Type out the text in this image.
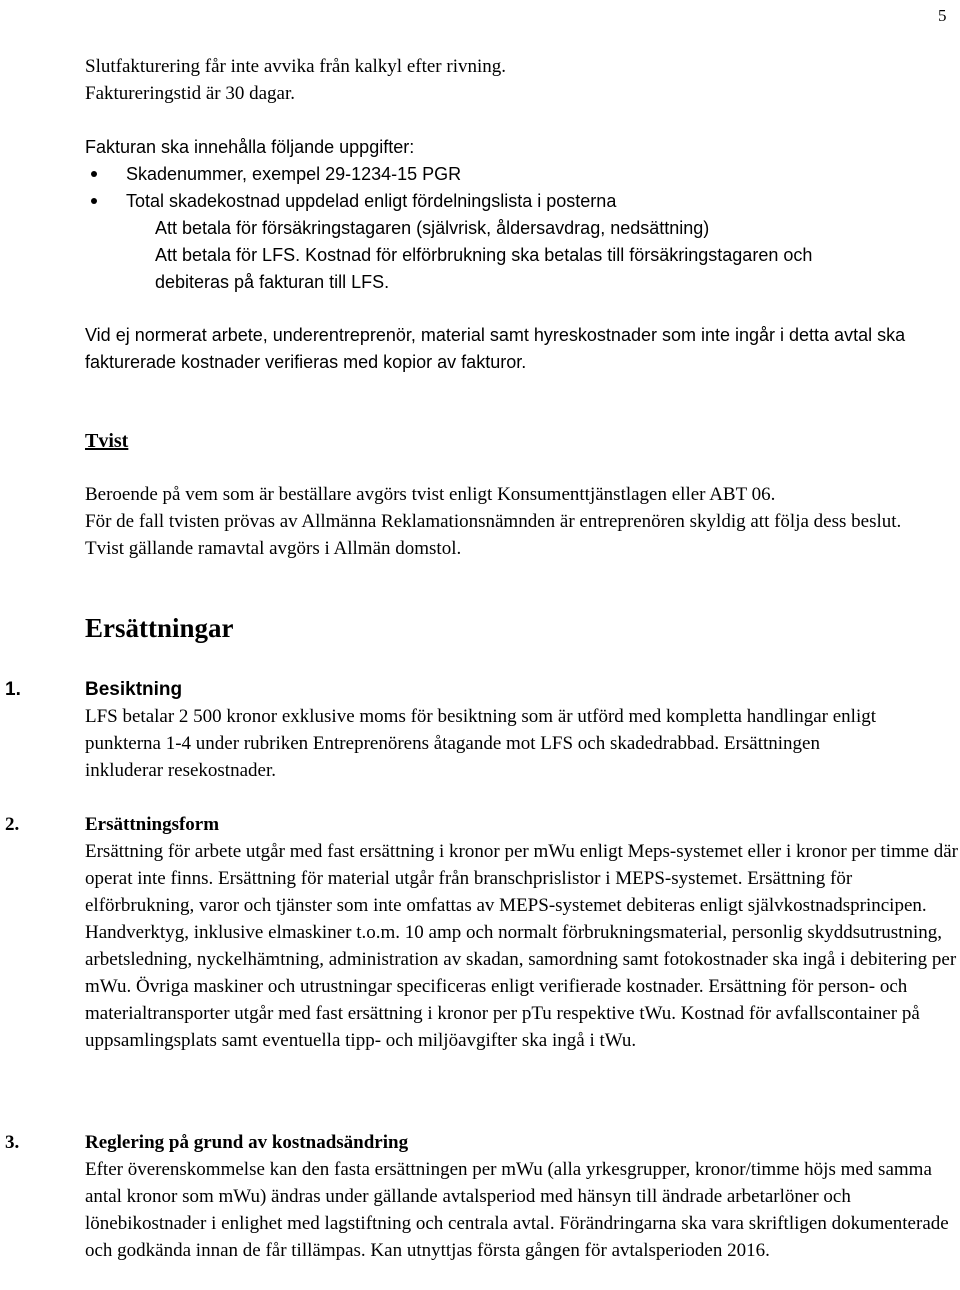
5

Slutfakturering får inte avvika från kalkyl efter rivning.

Faktureringstid är 30 dagar.

Fakturan ska innehålla följande uppgifter:

Skadenummer, exempel 29-1234-15 PGR
Total skadekostnad uppdelad enligt fördelningslista i posterna
Att betala för försäkringstagaren (självrisk, åldersavdrag, nedsättning)
Att betala för LFS. Kostnad för elförbrukning ska betalas till försäkringstagaren och
debiteras på fakturan till LFS.

Vid ej normerat arbete, underentreprenör, material samt hyreskostnader som inte ingår i detta avtal ska fakturerade kostnader verifieras med kopior av fakturor.

Tvist

Beroende på vem som är beställare avgörs tvist enligt Konsumenttjänstlagen eller ABT 06.

För de fall tvisten prövas av Allmänna Reklamationsnämnden är entreprenören skyldig att följa dess beslut.

Tvist gällande ramavtal avgörs i Allmän domstol.

Ersättningar

1.	Besiktning

LFS betalar 2 500 kronor exklusive moms för besiktning som är utförd med kompletta handlingar enligt punkterna 1-4 under rubriken Entreprenörens åtagande mot LFS och skadedrabbad. Ersättningen inkluderar resekostnader.

2.	Ersättningsform

Ersättning för arbete utgår med fast ersättning i kronor per mWu enligt Meps-systemet eller i kronor per timme där operat inte finns. Ersättning för material utgår från branschprislistor i MEPS-systemet. Ersättning för elförbrukning, varor och tjänster som inte omfattas av MEPS-systemet debiteras enligt självkostnadsprincipen. Handverktyg, inklusive elmaskiner t.o.m. 10 amp och normalt förbrukningsmaterial, personlig skyddsutrustning, arbetsledning, nyckelhämtning, administration av skadan, samordning samt fotokostnader ska ingå i debitering per mWu. Övriga maskiner och utrustningar specificeras enligt verifierade kostnader. Ersättning för person- och materialtransporter utgår med fast ersättning i kronor per pTu respektive tWu. Kostnad för avfallscontainer på uppsamlingsplats samt eventuella tipp- och miljöavgifter ska ingå i tWu.

3.	Reglering på grund av kostnadsändring

Efter överenskommelse kan den fasta ersättningen per mWu (alla yrkesgrupper, kronor/timme höjs med samma antal kronor som mWu) ändras under gällande avtalsperiod med hänsyn till ändrade arbetarlöner och lönebikostnader i enlighet med lagstiftning och centrala avtal. Förändringarna ska vara skriftligen dokumenterade och godkända innan de får tillämpas. Kan utnyttjas första gången för avtalsperioden 2016.
